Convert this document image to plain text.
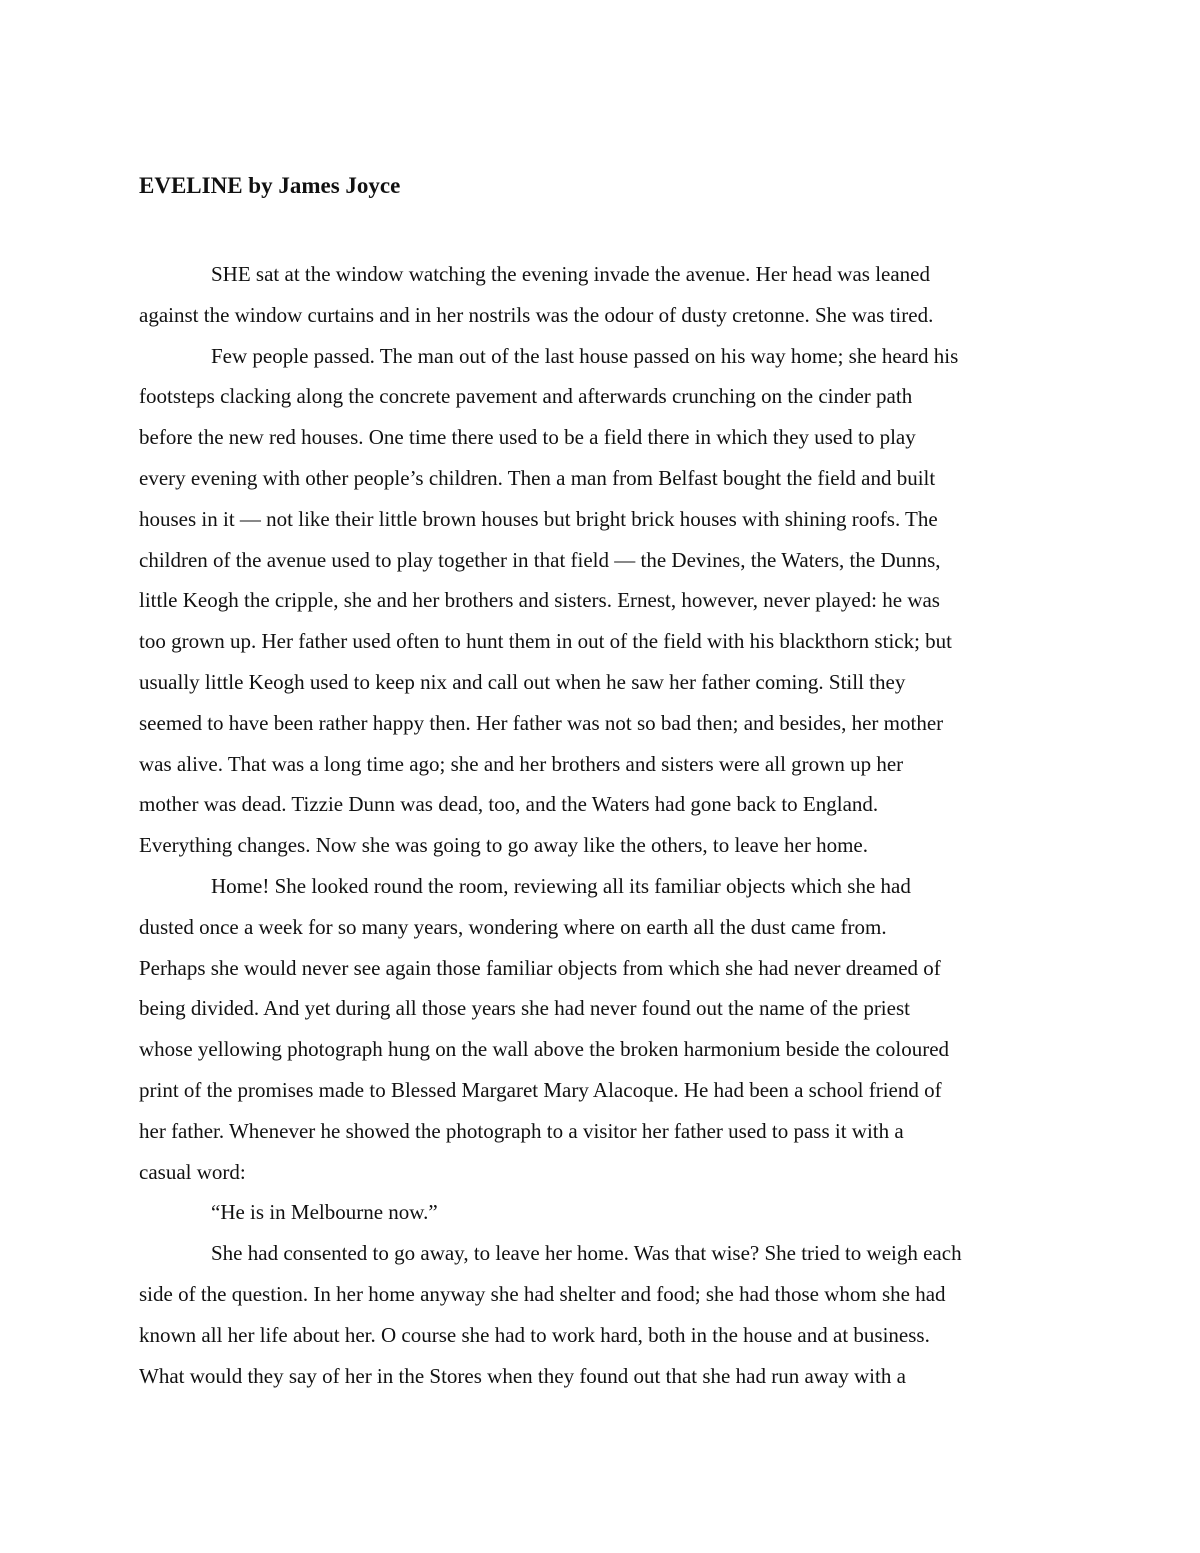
EVELINE by James Joyce

SHE sat at the window watching the evening invade the avenue. Her head was leaned

against the window curtains and in her nostrils was the odour of dusty cretonne. She was tired.

Few people passed. The man out of the last house passed on his way home; she heard his

footsteps clacking along the concrete pavement and afterwards crunching on the cinder path

before the new red houses. One time there used to be a field there in which they used to play

every evening with other people’s children. Then a man from Belfast bought the field and built

houses in it — not like their little brown houses but bright brick houses with shining roofs. The

children of the avenue used to play together in that field — the Devines, the Waters, the Dunns,

little Keogh the cripple, she and her brothers and sisters. Ernest, however, never played: he was

too grown up. Her father used often to hunt them in out of the field with his blackthorn stick; but

usually little Keogh used to keep nix and call out when he saw her father coming. Still they

seemed to have been rather happy then. Her father was not so bad then; and besides, her mother

was alive. That was a long time ago; she and her brothers and sisters were all grown up her

mother was dead. Tizzie Dunn was dead, too, and the Waters had gone back to England.

Everything changes. Now she was going to go away like the others, to leave her home.

Home! She looked round the room, reviewing all its familiar objects which she had

dusted once a week for so many years, wondering where on earth all the dust came from.

Perhaps she would never see again those familiar objects from which she had never dreamed of

being divided. And yet during all those years she had never found out the name of the priest

whose yellowing photograph hung on the wall above the broken harmonium beside the coloured

print of the promises made to Blessed Margaret Mary Alacoque. He had been a school friend of

her father. Whenever he showed the photograph to a visitor her father used to pass it with a

casual word:

“He is in Melbourne now.”

She had consented to go away, to leave her home. Was that wise? She tried to weigh each

side of the question. In her home anyway she had shelter and food; she had those whom she had

known all her life about her. O course she had to work hard, both in the house and at business.

What would they say of her in the Stores when they found out that she had run away with a
